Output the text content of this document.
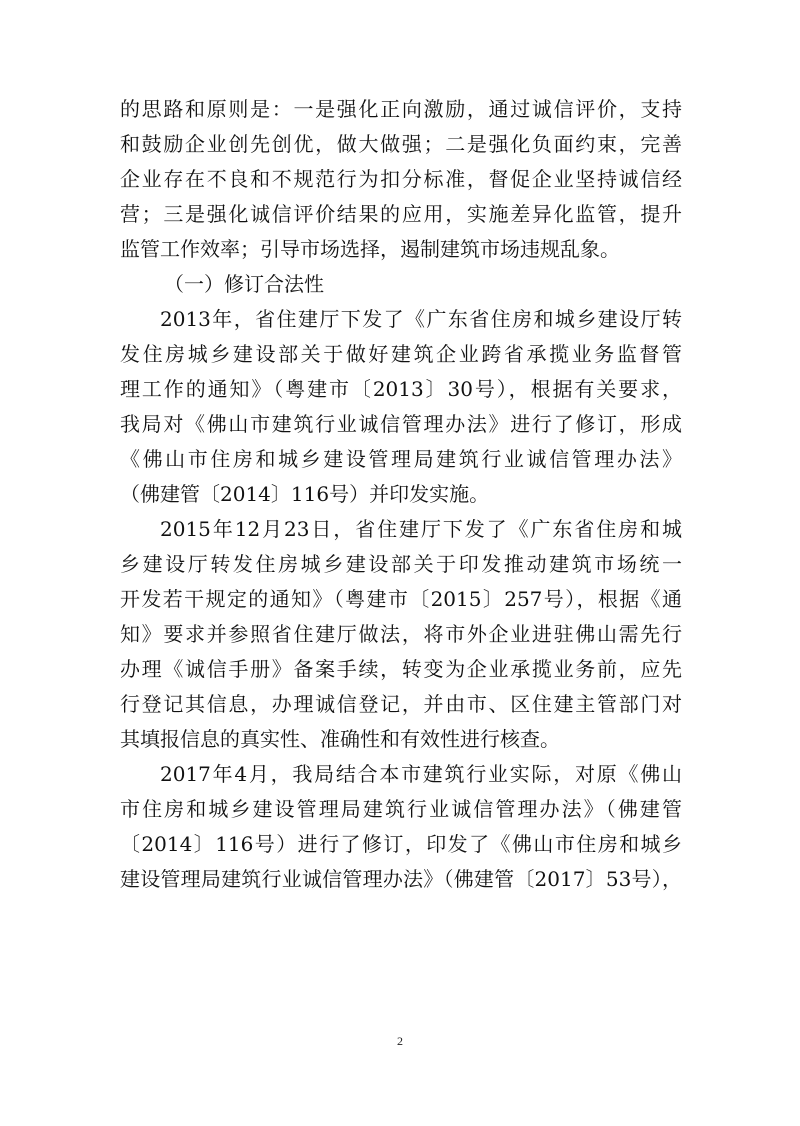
的思路和原则是：一是强化正向激励，通过诚信评价，支持
和鼓励企业创先创优，做大做强；二是强化负面约束，完善
企业存在不良和不规范行为扣分标准，督促企业坚持诚信经
营；三是强化诚信评价结果的应用，实施差异化监管，提升
监管工作效率；引导市场选择，遏制建筑市场违规乱象。
（一）修订合法性
2013年，省住建厅下发了《广东省住房和城乡建设厅转
发住房城乡建设部关于做好建筑企业跨省承揽业务监督管
理工作的通知》（粤建市〔2013〕30号），根据有关要求，
我局对《佛山市建筑行业诚信管理办法》进行了修订，形成
《佛山市住房和城乡建设管理局建筑行业诚信管理办法》
（佛建管〔2014〕116号）并印发实施。
2015年12月23日，省住建厅下发了《广东省住房和城
乡建设厅转发住房城乡建设部关于印发推动建筑市场统一
开发若干规定的通知》（粤建市〔2015〕257号），根据《通
知》要求并参照省住建厅做法，将市外企业进驻佛山需先行
办理《诚信手册》备案手续，转变为企业承揽业务前，应先
行登记其信息，办理诚信登记，并由市、区住建主管部门对
其填报信息的真实性、准确性和有效性进行核查。
2017年4月，我局结合本市建筑行业实际，对原《佛山
市住房和城乡建设管理局建筑行业诚信管理办法》（佛建管
〔2014〕116号）进行了修订，印发了《佛山市住房和城乡
建设管理局建筑行业诚信管理办法》（佛建管〔2017〕53号），
2
